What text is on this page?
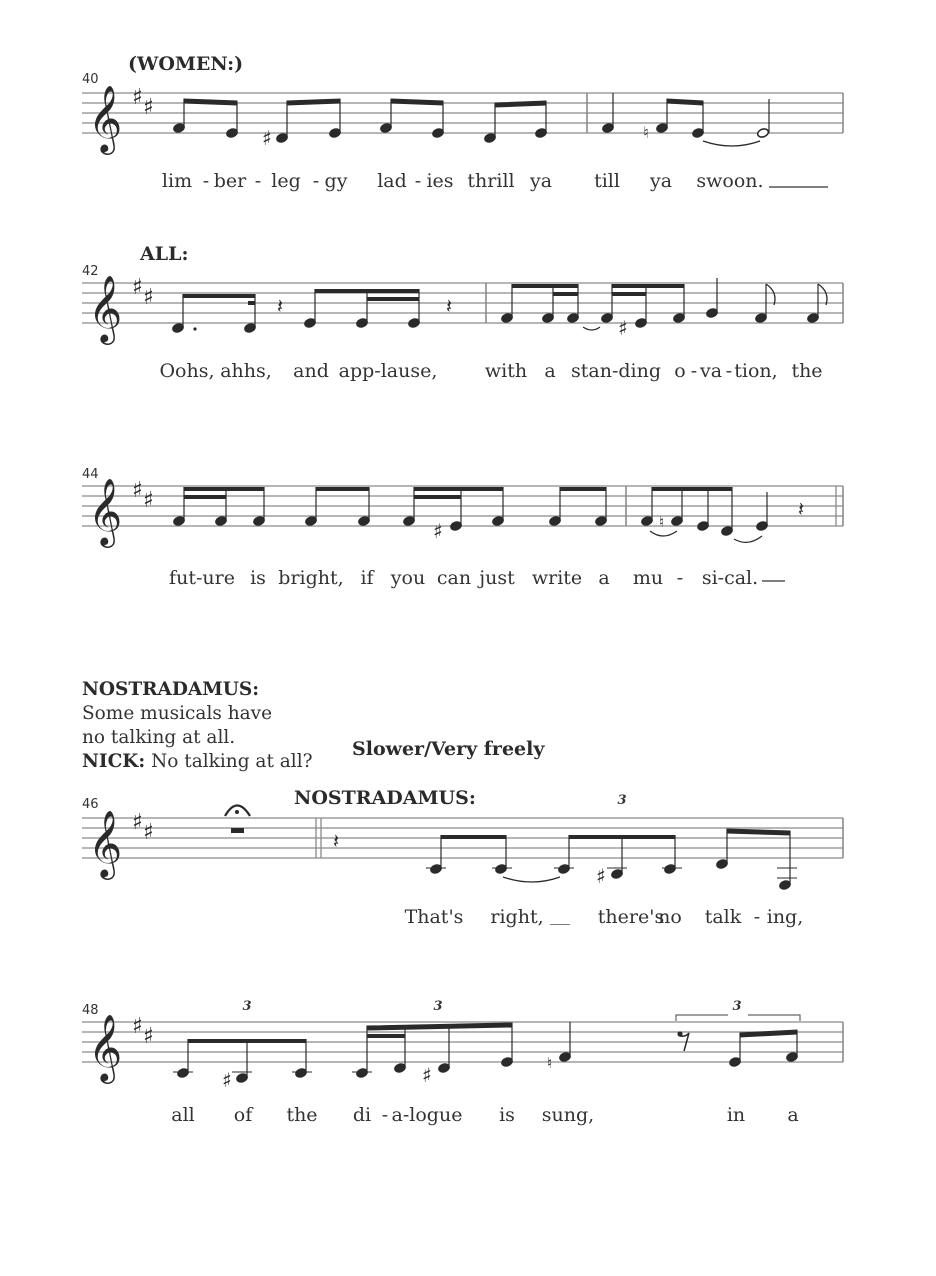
(WOMEN:)
40
𝄞 ♯ ♯
♯	♮
lim - ber - leg - gy lad - ies thrill ya till ya swoon.
ALL:
42
𝄞 ♯ ♯	𝄽	𝄽
♯
Oohs, ahhs, and app-lause,	with a stan-ding o - va - tion, the
44
𝄞 ♯ ♯
♯	♮
𝄽
fut-ure is bright, if you can just write a mu - si-cal.
NOSTRADAMUS:
Some musicals have
no talking at all.
NICK: No talking at all?
Slower/Very freely
NOSTRADAMUS:	3
46
𝄞 ♯ ♯	𝄽
♯
That's right,	there's
no talk - ing,
3	3	3
48
𝄞 ♯ ♯
♯	♯	♮
all of the di - a-logue is sung,	in a
